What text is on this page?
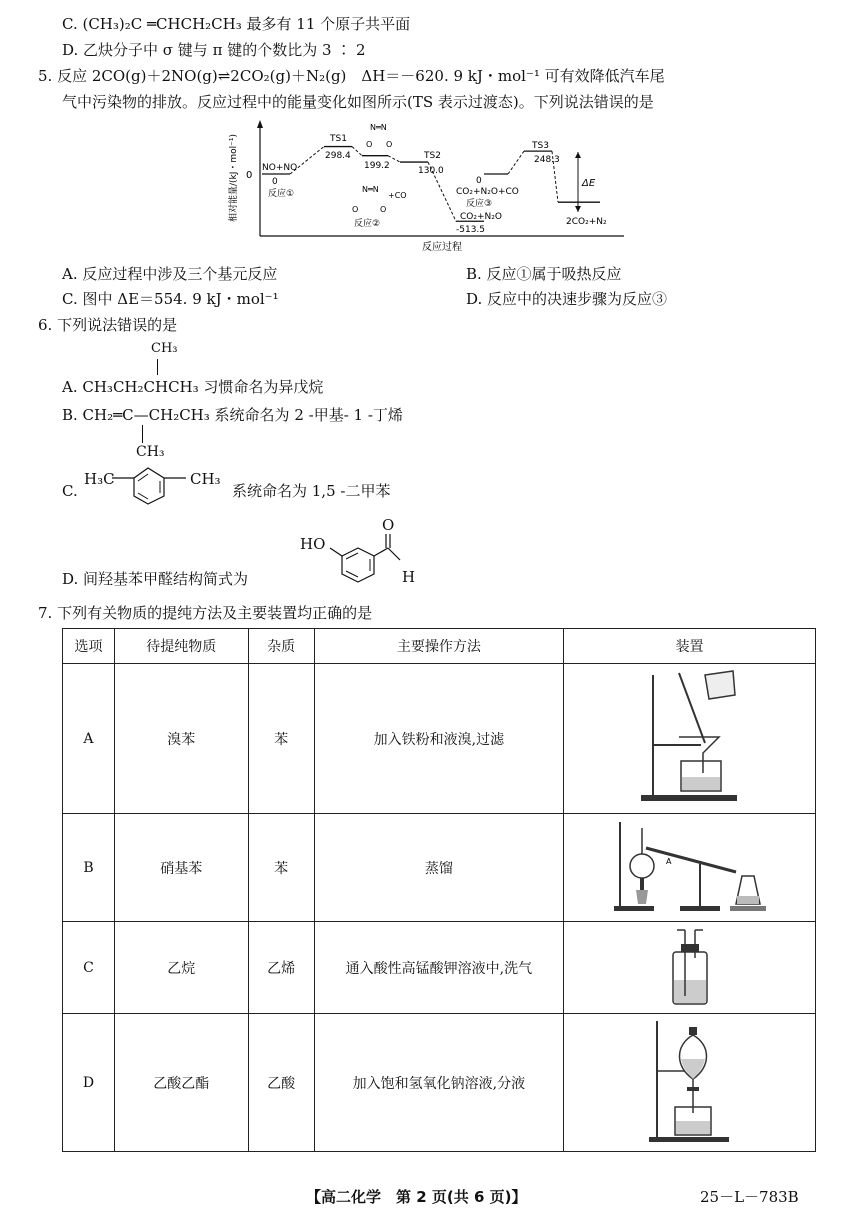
C. (CH₃)₂C ═CHCH₂CH₃ 最多有 11 个原子共平面
D. 乙炔分子中 σ 键与 π 键的个数比为 3 ∶ 2
5. 反应 2CO(g)＋2NO(g)⇌2CO₂(g)＋N₂(g)　ΔH＝－620. 9 kJ・mol⁻¹ 可有效降低汽车尾
气中污染物的排放。反应过程中的能量变化如图所示(TS 表示过渡态)。下列说法错误的是
相对能量/(kJ・mol⁻¹) 0
反应过程
NO+NO
0
反应①
TS1
298.4
N═N
O O
199.2
N═N
+CO
O	O
反应②
TS2
130.0
0
CO₂+N₂O+CO
反应③
CO₂+N₂O
-513.5
TS3
248.3
ΔE
2CO₂+N₂
A. 反应过程中涉及三个基元反应	B. 反应①属于吸热反应
C. 图中 ΔE＝554. 9 kJ・mol⁻¹	D. 反应中的决速步骤为反应③
6. 下列说法错误的是
CH₃
A. CH₃CH₂CHCH₃ 习惯命名为异戊烷
B. CH₂═C—CH₂CH₃ 系统命名为 2 -甲基- 1 -丁烯
CH₃
C.
H₃C	CH₃
系统命名为 1,5 -二甲苯
D. 间羟基苯甲醛结构简式为
HO
O
H
7. 下列有关物质的提纯方法及主要装置均正确的是
选项	待提纯物质	杂质	主要操作方法	装置
A	溴苯	苯	加入铁粉和液溴,过滤	
B	硝基苯	苯	蒸馏	A

C	乙烷	乙烯	通入酸性高锰酸钾溶液中,洗气	
D	乙酸乙酯	乙酸	加入饱和氢氧化钠溶液,分液	
【高二化学　第 2 页(共 6 页)】	25－L－783B
